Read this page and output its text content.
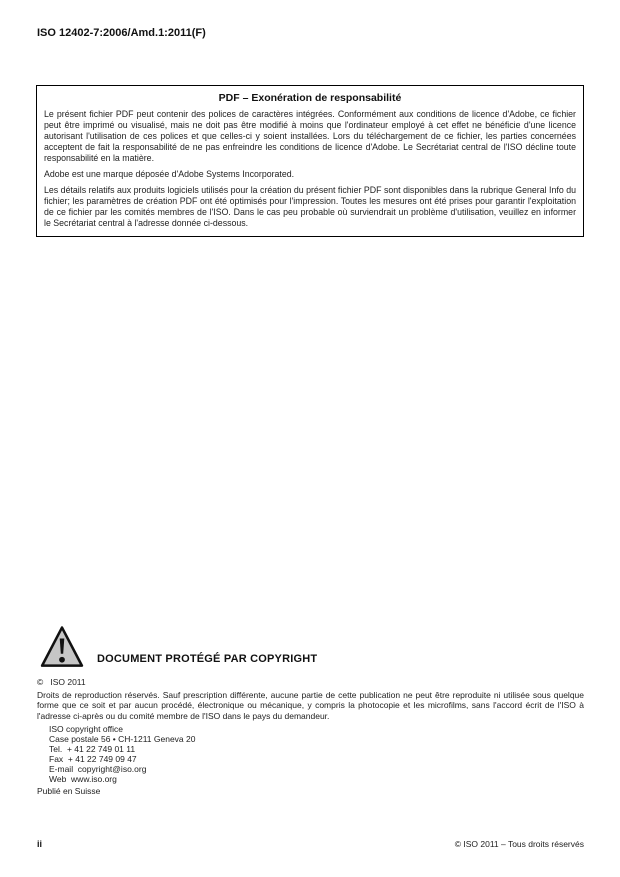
ISO 12402-7:2006/Amd.1:2011(F)
PDF – Exonération de responsabilité

Le présent fichier PDF peut contenir des polices de caractères intégrées. Conformément aux conditions de licence d'Adobe, ce fichier peut être imprimé ou visualisé, mais ne doit pas être modifié à moins que l'ordinateur employé à cet effet ne bénéficie d'une licence autorisant l'utilisation de ces polices et que celles-ci y soient installées. Lors du téléchargement de ce fichier, les parties concernées acceptent de fait la responsabilité de ne pas enfreindre les conditions de licence d'Adobe. Le Secrétariat central de l'ISO décline toute responsabilité en la matière.

Adobe est une marque déposée d'Adobe Systems Incorporated.

Les détails relatifs aux produits logiciels utilisés pour la création du présent fichier PDF sont disponibles dans la rubrique General Info du fichier; les paramètres de création PDF ont été optimisés pour l'impression. Toutes les mesures ont été prises pour garantir l'exploitation de ce fichier par les comités membres de l'ISO. Dans le cas peu probable où surviendrait un problème d'utilisation, veuillez en informer le Secrétariat central à l'adresse donnée ci-dessous.

DOCUMENT PROTÉGÉ PAR COPYRIGHT
©   ISO 2011
Droits de reproduction réservés. Sauf prescription différente, aucune partie de cette publication ne peut être reproduite ni utilisée sous quelque forme que ce soit et par aucun procédé, électronique ou mécanique, y compris la photocopie et les microfilms, sans l'accord écrit de l'ISO à l'adresse ci-après ou du comité membre de l'ISO dans le pays du demandeur.
ISO copyright office
Case postale 56 • CH-1211 Geneva 20
Tel.  + 41 22 749 01 11
Fax  + 41 22 749 09 47
E-mail  copyright@iso.org
Web  www.iso.org
Publié en Suisse
ii	© ISO 2011 – Tous droits réservés
